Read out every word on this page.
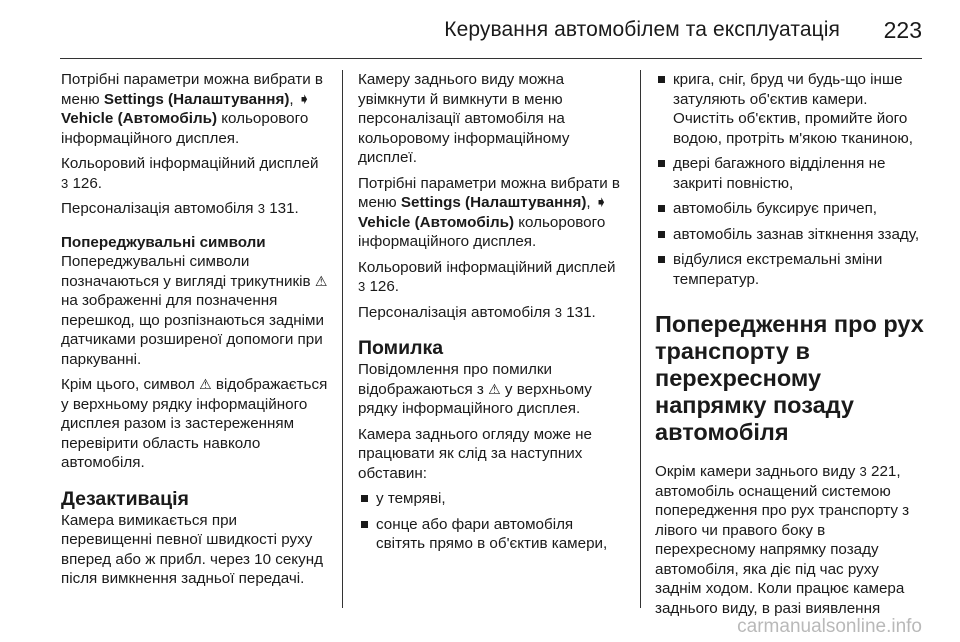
Керування автомобілем та експлуатація 223

Потрібні параметри можна вибрати в меню Settings (Налаштування), ➧ Vehicle (Автомобіль) кольорового інформаційного дисплея.

Кольоровий інформаційний дисплей 3 126.

Персоналізація автомобіля 3 131.

Попереджувальні символи

Попереджувальні символи позначаються у вигляді трикутників ⚠ на зображенні для позначення перешкод, що розпізнаються задніми датчиками розширеної допомоги при паркуванні.

Крім цього, символ ⚠ відображається у верхньому рядку інформаційного дисплея разом із застереженням перевірити область навколо автомобіля.

Дезактивація

Камера вимикається при перевищенні певної швидкості руху вперед або ж прибл. через 10 секунд після вимкнення задньої передачі.

Камеру заднього виду можна увімкнути й вимкнути в меню персоналізації автомобіля на кольоровому інформаційному дисплеї.

Потрібні параметри можна вибрати в меню Settings (Налаштування), ➧ Vehicle (Автомобіль) кольорового інформаційного дисплея.

Кольоровий інформаційний дисплей 3 126.

Персоналізація автомобіля 3 131.

Помилка

Повідомлення про помилки відображаються з ⚠ у верхньому рядку інформаційного дисплея.

Камера заднього огляду може не працювати як слід за наступних обставин:

у темряві,
сонце або фари автомобіля світять прямо в об'єктив камери,
крига, сніг, бруд чи будь-що інше затуляють об'єктив камери. Очистіть об'єктив, промийте його водою, протріть м'якою тканиною,
двері багажного відділення не закриті повністю,
автомобіль буксирує причеп,
автомобіль зазнав зіткнення ззаду,
відбулися екстремальні зміни температур.
Попередження про рух транспорту в перехресному напрямку позаду автомобіля

Окрім камери заднього виду 3 221, автомобіль оснащений системою попередження про рух транспорту з лівого чи правого боку в перехресному напрямку позаду автомобіля, яка діє під час руху заднім ходом. Коли працює камера заднього виду, в разі виявлення

carmanualsonline.info
